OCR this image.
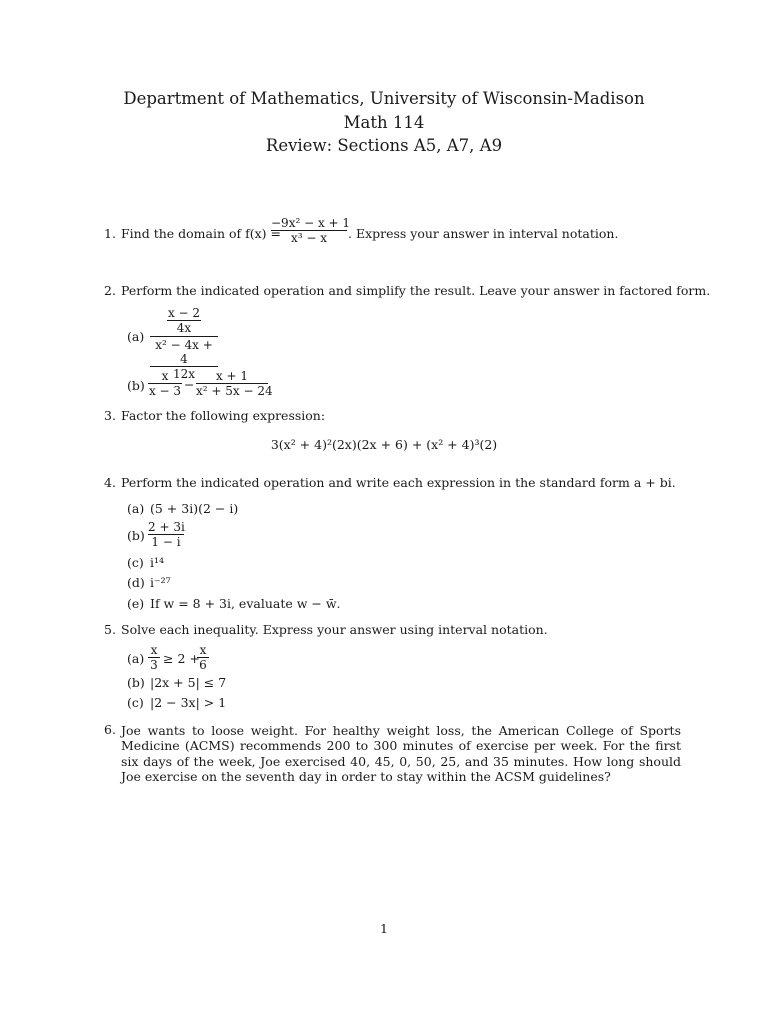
Department of Mathematics, University of Wisconsin-Madison
Math 114
Review: Sections A5, A7, A9
1. Find the domain of f(x) =
−9x² − x + 1
x³ − x	. Express your answer in interval notation.
2. Perform the indicated operation and simplify the result. Leave your answer in factored form.
(a)
x − 2
4x
x² − 4x + 4
12x
(b)
x
x − 3 −
x + 1
x² + 5x − 24
3. Factor the following expression:
3(x² + 4)²(2x)(2x + 6) + (x² + 4)³(2)
4. Perform the indicated operation and write each expression in the standard form a + bi.
(a) (5 + 3i)(2 − i)
(b)
2 + 3i
1 − i
(c) i¹⁴
(d) i⁻²⁷
(e) If w = 8 + 3i, evaluate w − w̄.
5. Solve each inequality. Express your answer using interval notation.
(a)
x
3 ≥ 2 +
x
6
(b) |2x + 5| ≤ 7
(c) |2 − 3x| > 1
6. Joe wants to loose weight. For healthy weight loss, the American College of Sports Medicine (ACMS) recommends 200 to 300 minutes of exercise per week. For the first six days of the week, Joe exercised 40, 45, 0, 50, 25, and 35 minutes. How long should Joe exercise on the seventh day in order to stay within the ACSM guidelines?
1
